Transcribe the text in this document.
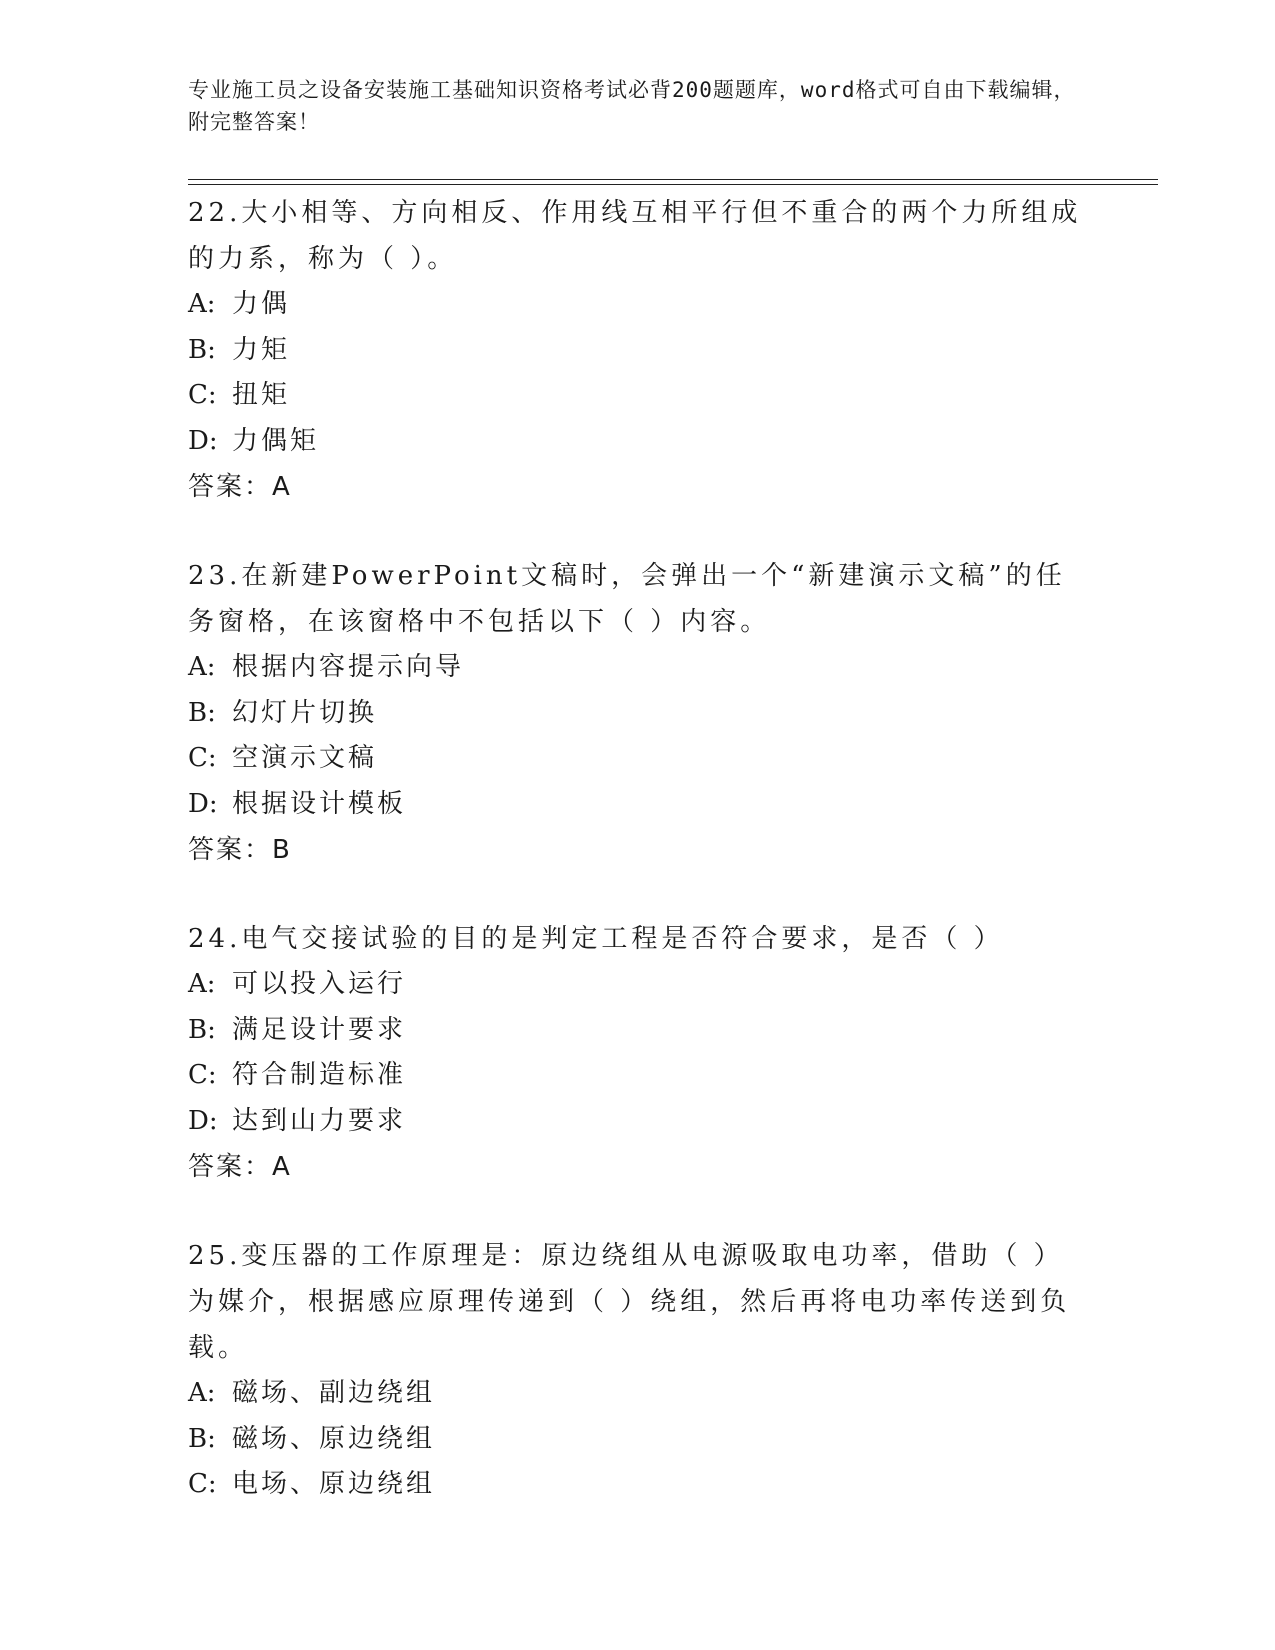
专业施工员之设备安装施工基础知识资格考试必背200题题库，word格式可自由下载编辑，附完整答案！

22.大小相等、方向相反、作用线互相平行但不重合的两个力所组成的力系，称为（ ）。

A: 力偶

B: 力矩

C: 扭矩

D: 力偶矩

答案：A

23.在新建PowerPoint文稿时，会弹出一个“新建演示文稿”的任务窗格，在该窗格中不包括以下（ ）内容。

A: 根据内容提示向导

B: 幻灯片切换

C: 空演示文稿

D: 根据设计模板

答案：B

24.电气交接试验的目的是判定工程是否符合要求，是否（ ）

A: 可以投入运行

B: 满足设计要求

C: 符合制造标准

D: 达到山力要求

答案：A

25.变压器的工作原理是：原边绕组从电源吸取电功率，借助（ ）为媒介，根据感应原理传递到（ ）绕组，然后再将电功率传送到负载。

A: 磁场、副边绕组

B: 磁场、原边绕组

C: 电场、原边绕组
